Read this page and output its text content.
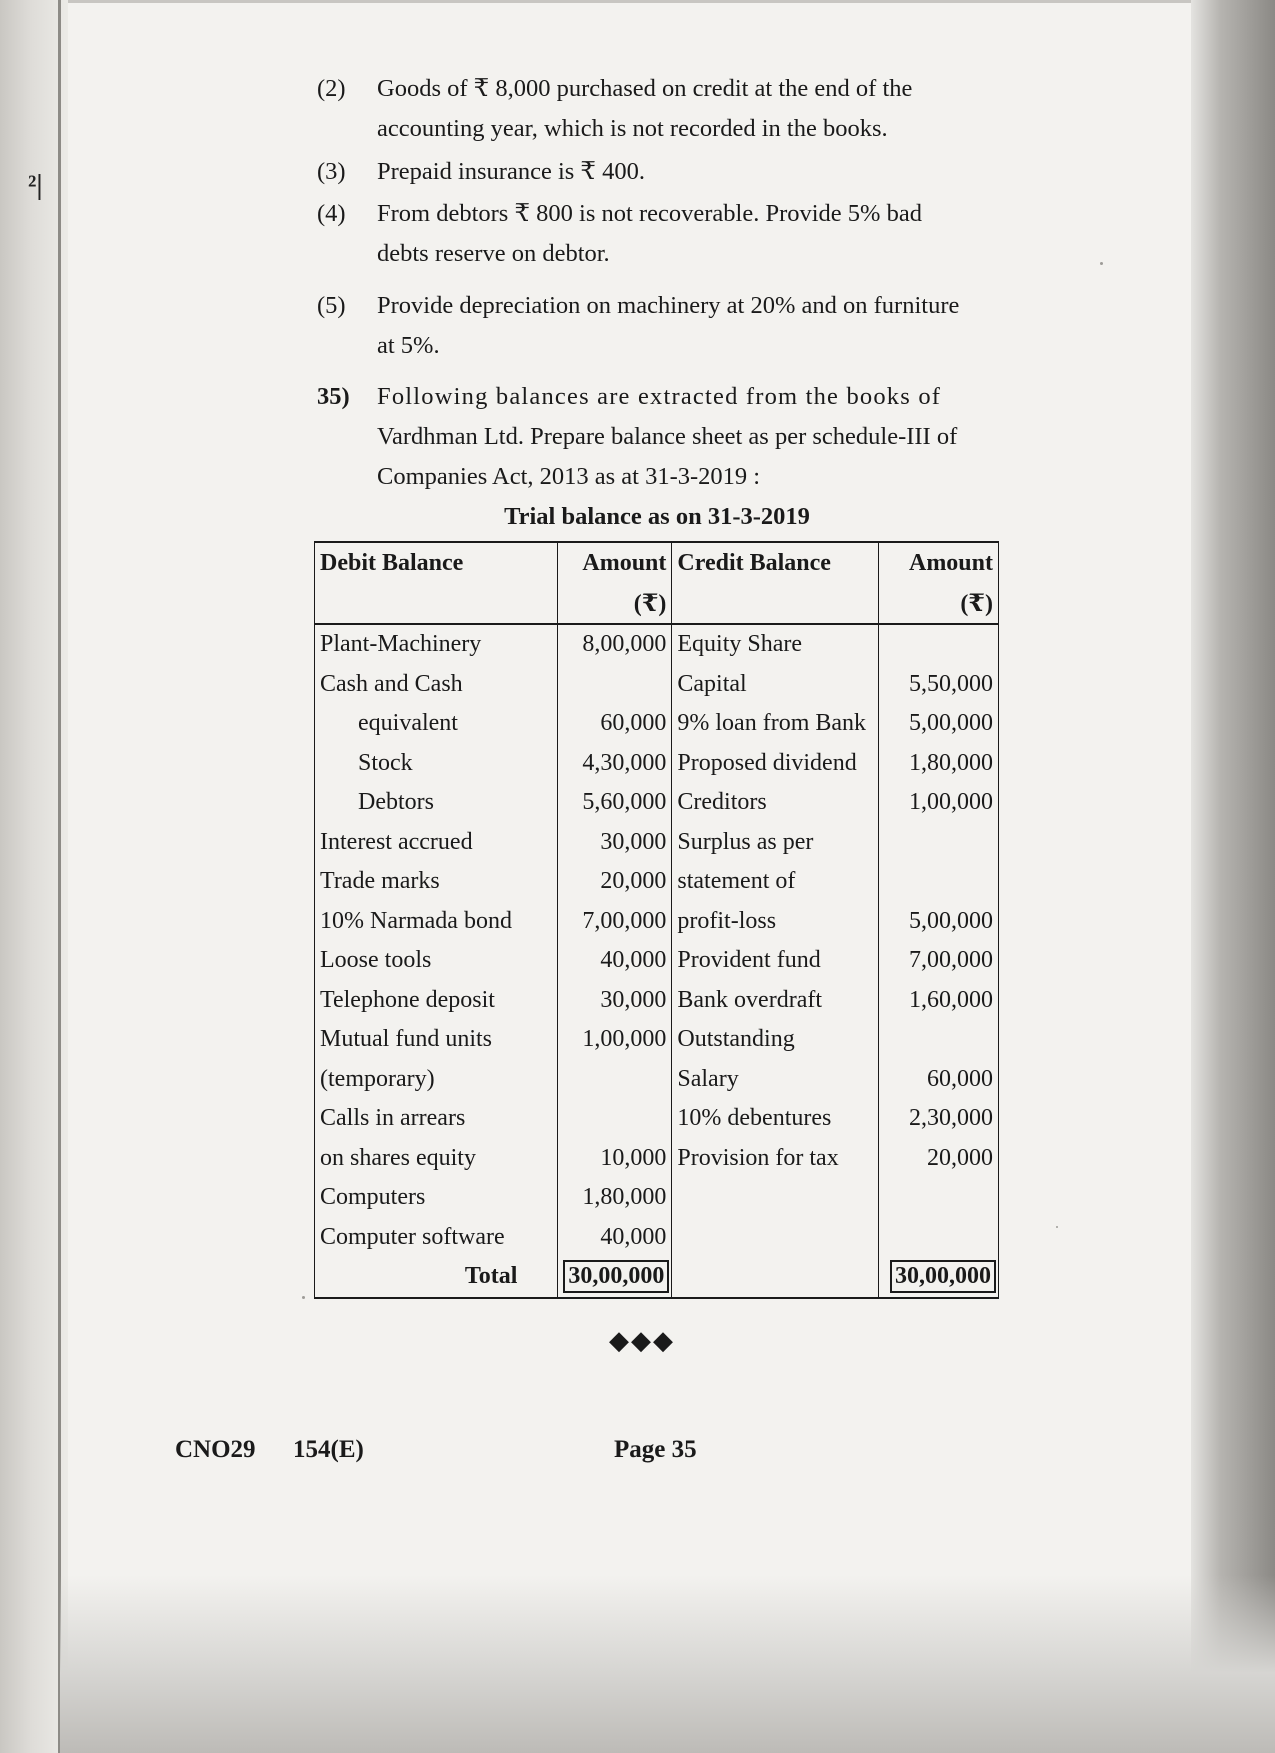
²|
(2)	Goods of ₹ 8,000 purchased on credit at the end of the
accounting year, which is not recorded in the books.
(3)	Prepaid insurance is ₹ 400.
(4)	From debtors ₹ 800 is not recoverable. Provide 5% bad
debts reserve on debtor.
(5)	Provide depreciation on machinery at 20% and on furniture
at 5%.
35) Following balances are extracted from the books of
Vardhman Ltd. Prepare balance sheet as per schedule-III of
Companies Act, 2013 as at 31-3-2019 :
Trial balance as on 31-3-2019
Debit Balance	Amount	Credit Balance	Amount
	(₹)		(₹)
Plant-Machinery	8,00,000	Equity Share	
Cash and Cash		Capital	5,50,000
equivalent	60,000	9% loan from Bank	5,00,000
Stock	4,30,000	Proposed dividend	1,80,000
Debtors	5,60,000	Creditors	1,00,000
Interest accrued	30,000	Surplus as per	
Trade marks	20,000	statement of	
10% Narmada bond	7,00,000	profit-loss	5,00,000
Loose tools	40,000	Provident fund	7,00,000
Telephone deposit	30,000	Bank overdraft	1,60,000
Mutual fund units	1,00,000	Outstanding	
(temporary)		Salary	60,000
Calls in arrears		10% debentures	2,30,000
on shares equity	10,000	Provision for tax	20,000
Computers	1,80,000		
Computer software	40,000		
Total	30,00,000		30,00,000
◆◆◆
CNO29 154(E)	Page 35
